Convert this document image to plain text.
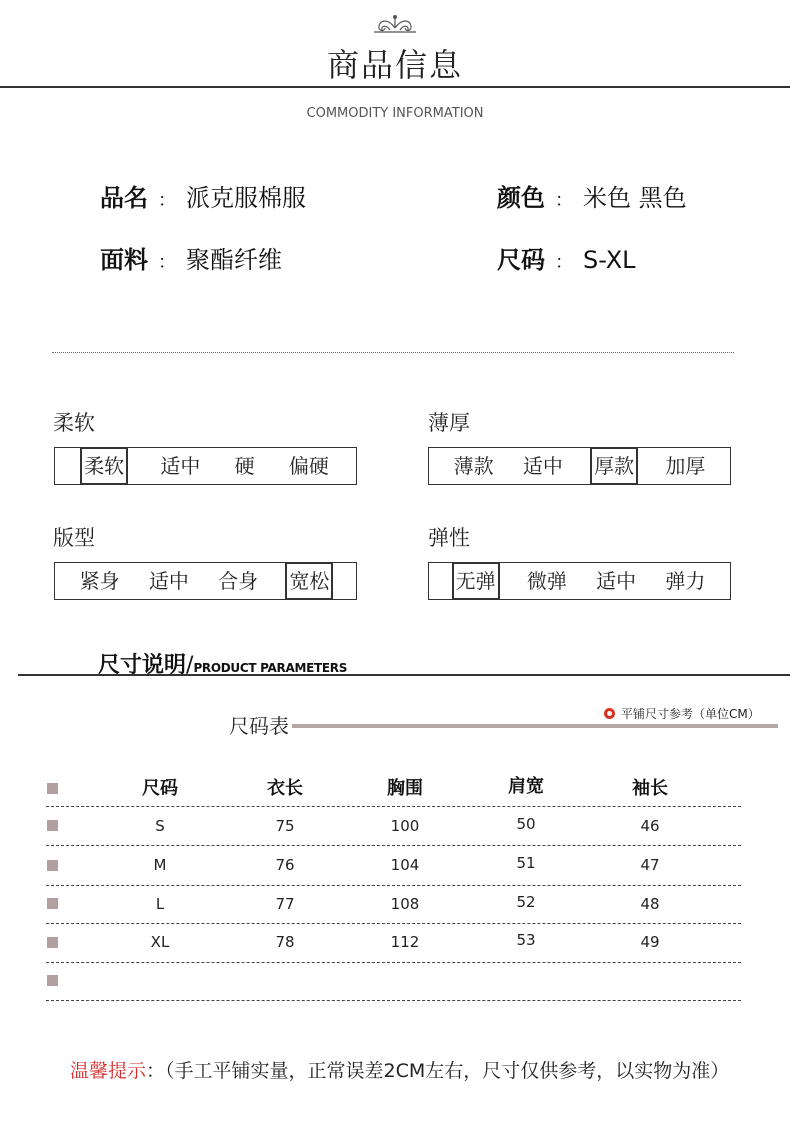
商品信息
COMMODITY INFORMATION
品名 ： 派克服棉服	颜色 ： 米色 黑色
面料 ： 聚酯纤维	尺码 ： S-XL
柔软
柔软 适中 硬 偏硬
薄厚
薄款 适中 厚款 加厚
版型
紧身 适中 合身 宽松
弹性
无弹 微弹 适中 弹力
尺寸说明/PRODUCT PARAMETERS
尺码表	平铺尺寸参考（单位CM）
尺码	衣长	胸围	肩宽	袖长
S	75	100	50	46
M	76	104	51	47
L	77	108	52	48
XL	78	112	53	49
温馨提示：（手工平铺实量，正常误差2CM左右，尺寸仅供参考，以实物为准）
